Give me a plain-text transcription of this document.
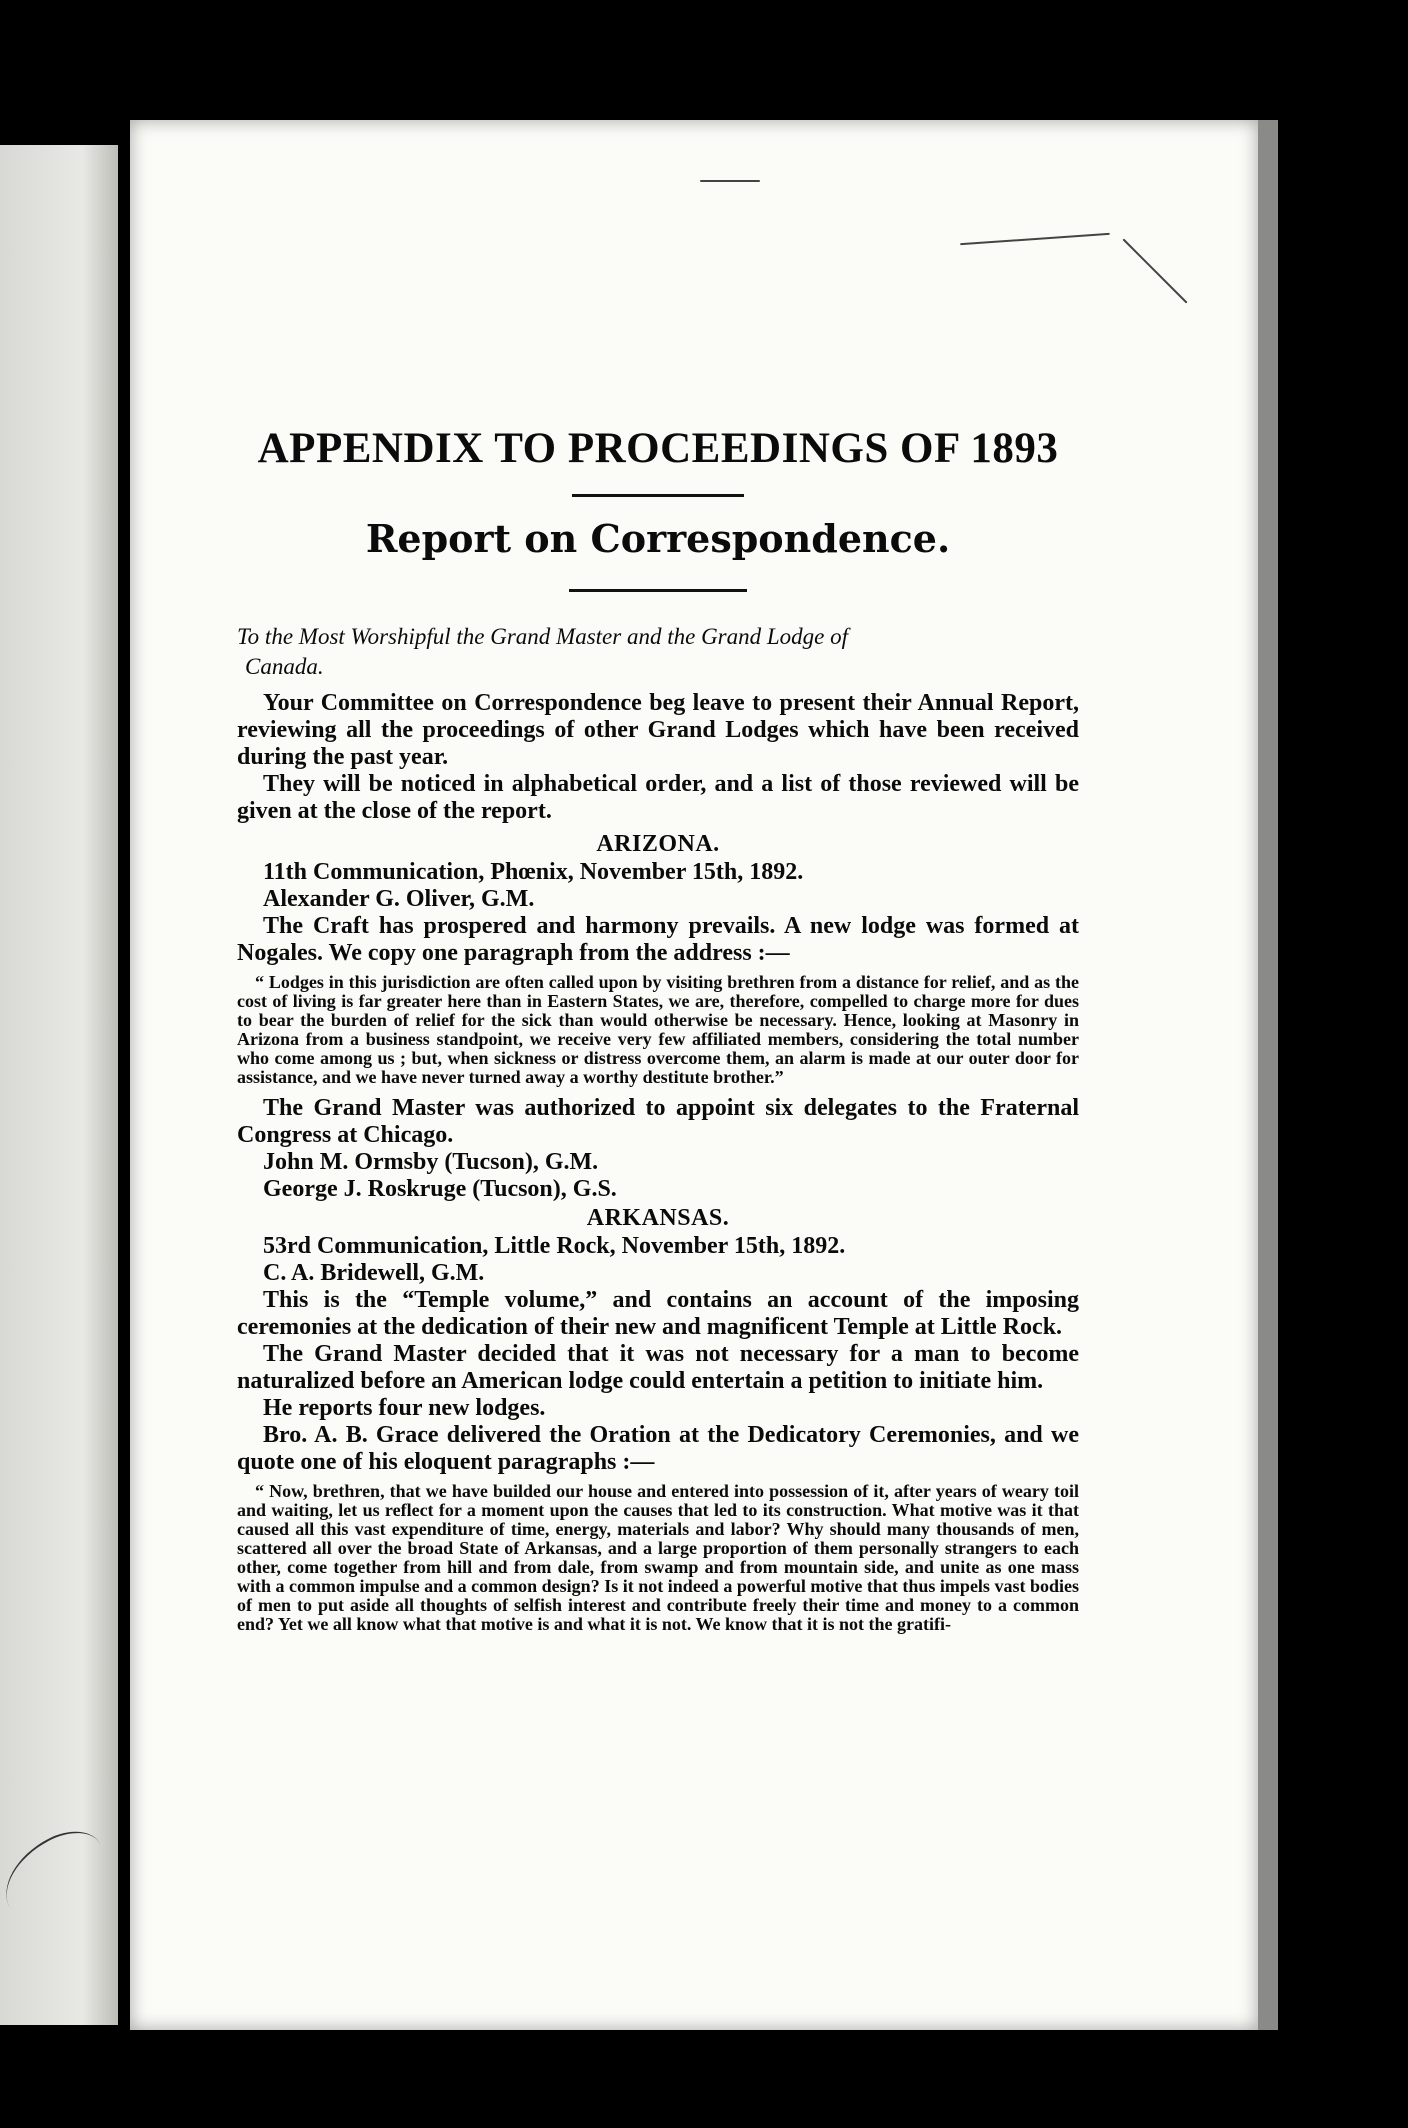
APPENDIX TO PROCEEDINGS OF 1893
Report on Correspondence.

To the Most Worshipful the Grand Master and the Grand Lodge of
Canada.

Your Committee on Correspondence beg leave to present their Annual Report, reviewing all the proceedings of other Grand Lodges which have been received during the past year.

They will be noticed in alphabetical order, and a list of those reviewed will be given at the close of the report.

ARIZONA.

11th Communication, Phœnix, November 15th, 1892.

Alexander G. Oliver, G.M.

The Craft has prospered and harmony prevails. A new lodge was formed at Nogales. We copy one paragraph from the address :—

“ Lodges in this jurisdiction are often called upon by visiting brethren from a distance for relief, and as the cost of living is far greater here than in Eastern States, we are, therefore, compelled to charge more for dues to bear the burden of relief for the sick than would otherwise be necessary. Hence, looking at Masonry in Arizona from a business standpoint, we receive very few affiliated members, considering the total number who come among us ; but, when sickness or distress overcome them, an alarm is made at our outer door for assistance, and we have never turned away a worthy destitute brother.”

The Grand Master was authorized to appoint six delegates to the Fraternal Congress at Chicago.

John M. Ormsby (Tucson), G.M.

George J. Roskruge (Tucson), G.S.

ARKANSAS.

53rd Communication, Little Rock, November 15th, 1892.

C. A. Bridewell, G.M.

This is the “Temple volume,” and contains an account of the imposing ceremonies at the dedication of their new and magnificent Temple at Little Rock.

The Grand Master decided that it was not necessary for a man to become naturalized before an American lodge could entertain a petition to initiate him.

He reports four new lodges.

Bro. A. B. Grace delivered the Oration at the Dedicatory Ceremonies, and we quote one of his eloquent paragraphs :—

“ Now, brethren, that we have builded our house and entered into possession of it, after years of weary toil and waiting, let us reflect for a moment upon the causes that led to its construction. What motive was it that caused all this vast expenditure of time, energy, materials and labor? Why should many thousands of men, scattered all over the broad State of Arkansas, and a large proportion of them personally strangers to each other, come together from hill and from dale, from swamp and from mountain side, and unite as one mass with a common impulse and a common design? Is it not indeed a powerful motive that thus impels vast bodies of men to put aside all thoughts of selfish interest and contribute freely their time and money to a common end? Yet we all know what that motive is and what it is not. We know that it is not the gratifi-
